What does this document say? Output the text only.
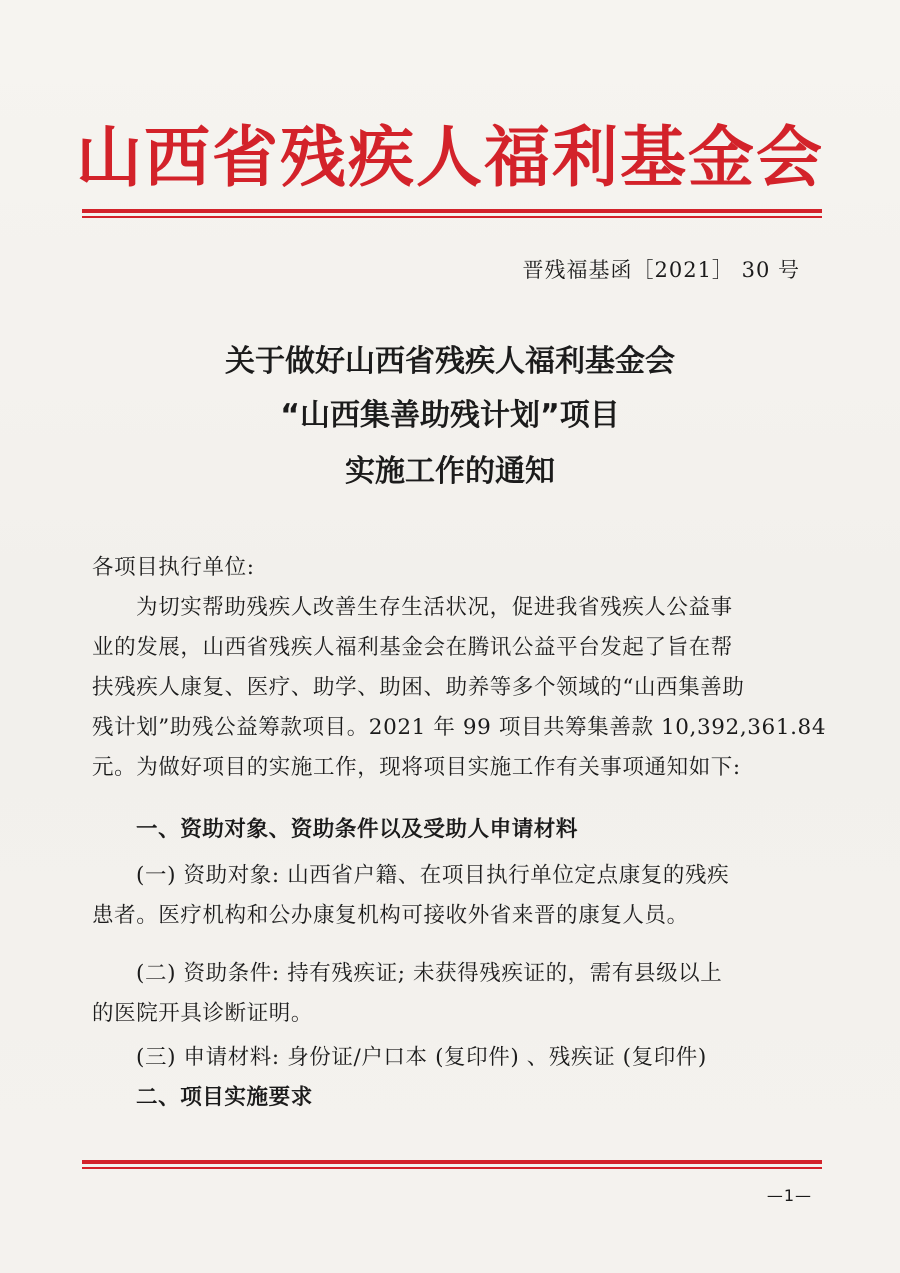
山西省残疾人福利基金会
晋残福基函［2021］ 30 号
关于做好山西省残疾人福利基金会
“山西集善助残计划”项目
实施工作的通知
各项目执行单位:
为切实帮助残疾人改善生存生活状况，促进我省残疾人公益事
业的发展，山西省残疾人福利基金会在腾讯公益平台发起了旨在帮
扶残疾人康复、医疗、助学、助困、助养等多个领域的“山西集善助
残计划”助残公益筹款项目。2021 年 99 项目共筹集善款 10,392,361.84
元。为做好项目的实施工作，现将项目实施工作有关事项通知如下:
一、资助对象、资助条件以及受助人申请材料
(一) 资助对象: 山西省户籍、在项目执行单位定点康复的残疾
患者。医疗机构和公办康复机构可接收外省来晋的康复人员。
(二) 资助条件: 持有残疾证; 未获得残疾证的，需有县级以上
的医院开具诊断证明。
(三) 申请材料: 身份证/户口本 (复印件) 、残疾证 (复印件)
二、项目实施要求
—1—
